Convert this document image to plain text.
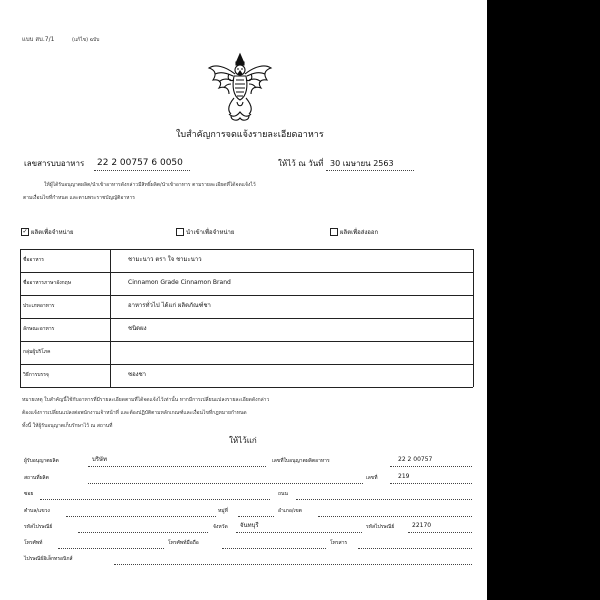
แบบ สบ.7/1	(แก้ไข) ฉบับ
ใบสำคัญการจดแจ้งรายละเอียดอาหาร
เลขสารบบอาหาร 22 2 00757 6 0050	ให้ไว้ ณ วันที่ 30 เมษายน 2563
ให้ผู้ได้รับอนุญาตผลิต/นำเข้าอาหารดังกล่าวมีสิทธิ์ผลิต/นำเข้าอาหาร ตามรายละเอียดที่ได้จดแจ้งไว้
ตามเงื่อนไขที่กำหนด และตามพระราชบัญญัติอาหาร
✓ ผลิตเพื่อจำหน่าย	นำเข้าเพื่อจำหน่าย	ผลิตเพื่อส่งออก
ชื่ออาหาร	ชามะนาว ตรา ใจ ชามะนาว
ชื่ออาหารภาษาอังกฤษ	Cinnamon Grade Cinnamon Brand
ประเภทอาหาร	อาหารทั่วไป ได้แก่ ผลิตภัณฑ์ชา
ลักษณะอาหาร	ชนิดผง
กลุ่มผู้บริโภค
วิธีการบรรจุ	ซองชา
หมายเหตุ ใบสำคัญนี้ใช้กับอาหารที่มีรายละเอียดตามที่ได้จดแจ้งไว้เท่านั้น หากมีการเปลี่ยนแปลงรายละเอียดดังกล่าว
ต้องแจ้งการเปลี่ยนแปลงต่อพนักงานเจ้าหน้าที่ และต้องปฏิบัติตามหลักเกณฑ์และเงื่อนไขที่กฎหมายกำหนด
ทั้งนี้ ให้ผู้รับอนุญาตเก็บรักษาไว้ ณ สถานที่
ให้ไว้แก่
ผู้รับอนุญาตผลิต	บริษัท	เลขที่ใบอนุญาตผลิตอาหาร	22 2 00757
สถานที่ผลิต	เลขที่	219
ซอย	ถนน
ตำบล/แขวง	หมู่ที่	อำเภอ/เขต
รหัสไปรษณีย์	จังหวัด จันทบุรี	รหัสไปรษณีย์	22170
โทรศัพท์	โทรศัพท์มือถือ	โทรสาร
ไปรษณีย์อิเล็กทรอนิกส์
